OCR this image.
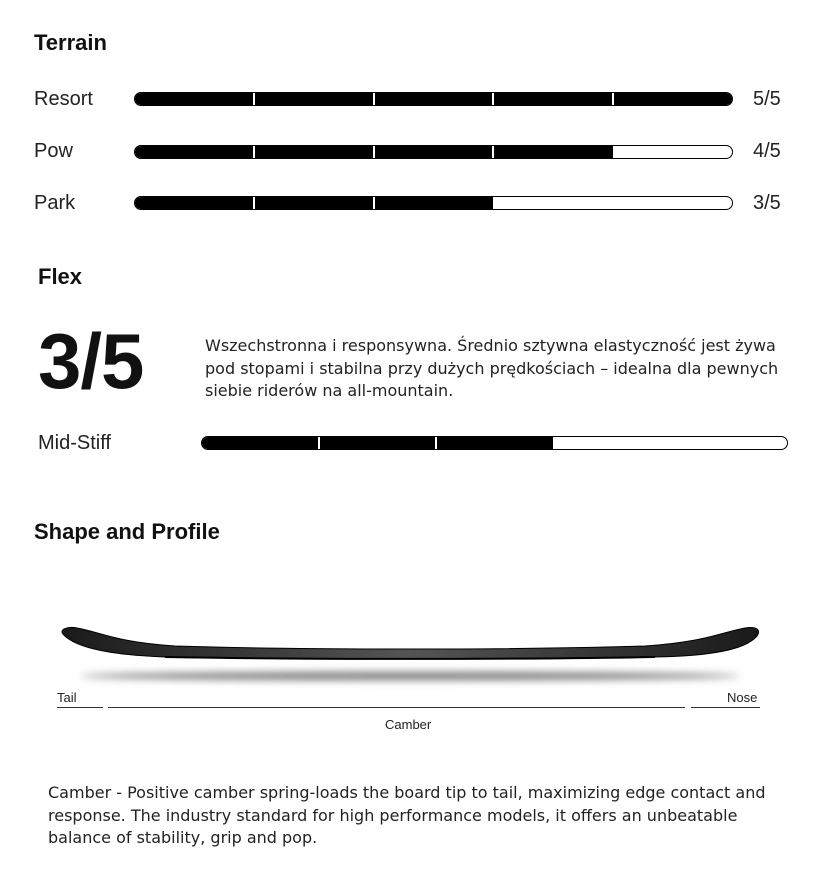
Terrain
Resort	5/5
Pow	4/5
Park	3/5
Flex
3/5	Wszechstronna i responsywna. Średnio sztywna elastyczność jest żywa pod stopami i stabilna przy dużych prędkościach – idealna dla pewnych siebie riderów na all-mountain.
Mid-Stiff
Shape and Profile
Tail	Nose
Camber
Camber - Positive camber spring-loads the board tip to tail, maximizing edge contact and response. The industry standard for high performance models, it offers an unbeatable balance of stability, grip and pop.
